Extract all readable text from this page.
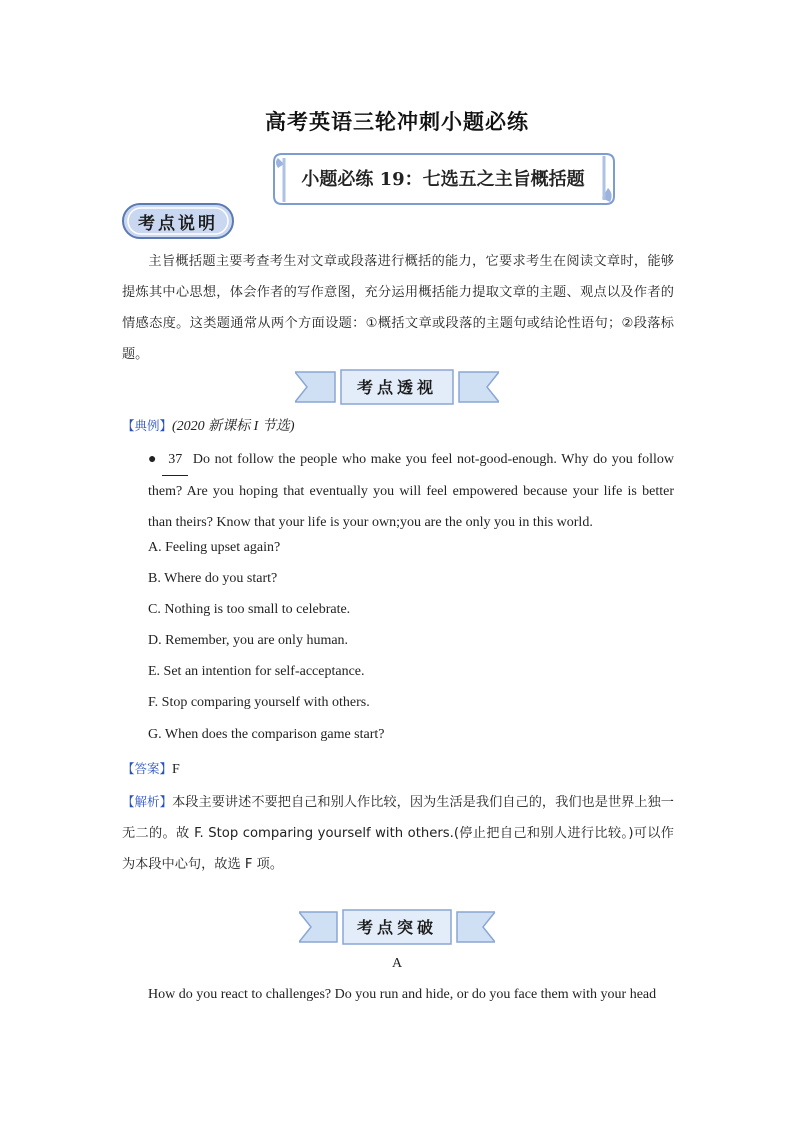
高考英语三轮冲刺小题必练
小题必练 19：七选五之主旨概括题
考点说明
主旨概括题主要考查考生对文章或段落进行概括的能力，它要求考生在阅读文章时，能够提炼其中心思想，体会作者的写作意图，充分运用概括能力提取文章的主题、观点以及作者的情感态度。这类题通常从两个方面设题：①概括文章或段落的主题句或结论性语句；②段落标题。
考点透视
【典例】(2020 新课标 I 节选)
● 37 Do not follow the people who make you feel not-good-enough. Why do you follow them? Are you hoping that eventually you will feel empowered because your life is better than theirs? Know that your life is your own;you are the only you in this world.
A. Feeling upset again?
B. Where do you start?
C. Nothing is too small to celebrate.
D. Remember, you are only human.
E. Set an intention for self-acceptance.
F. Stop comparing yourself with others.
G. When does the comparison game start?
【答案】F
【解析】本段主要讲述不要把自己和别人作比较，因为生活是我们自己的，我们也是世界上独一无二的。故 F. Stop comparing yourself with others.(停止把自己和别人进行比较。)可以作为本段中心句，故选 F 项。
考点突破
A
How do you react to challenges? Do you run and hide, or do you face them with your head
